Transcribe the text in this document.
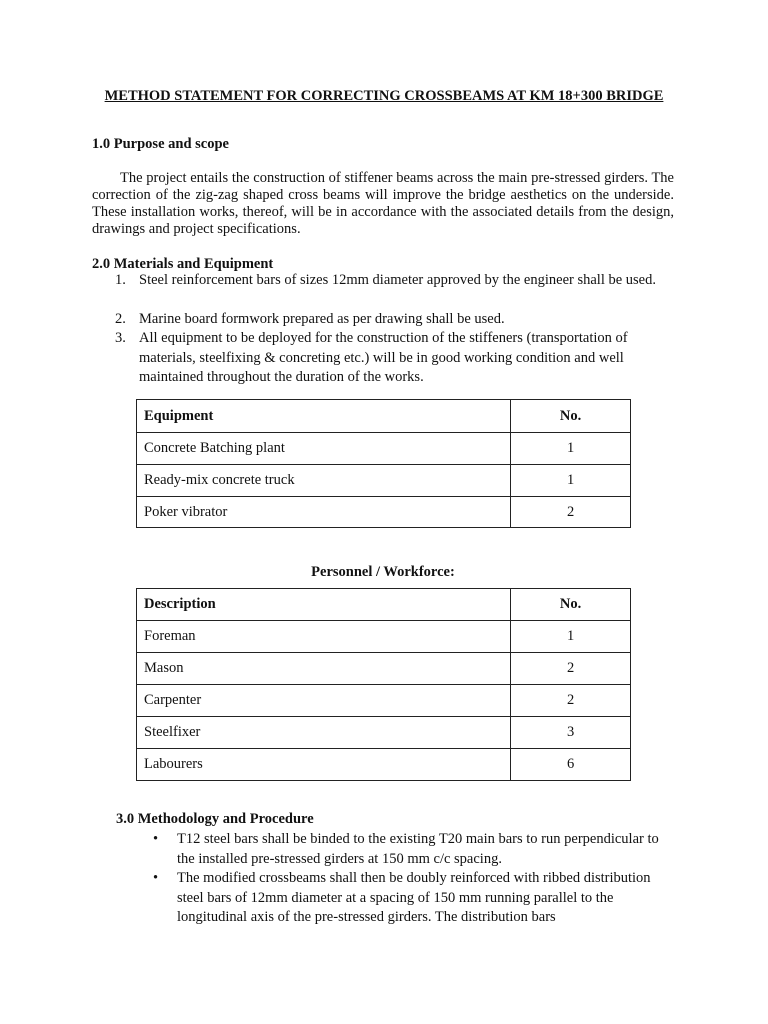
METHOD STATEMENT FOR CORRECTING CROSSBEAMS AT KM 18+300 BRIDGE
1.0 Purpose and scope
The project entails the construction of stiffener beams across the main pre-stressed girders. The correction of the zig-zag shaped cross beams will improve the bridge aesthetics on the underside. These installation works, thereof, will be in accordance with the associated details from the design, drawings and project specifications.
2.0 Materials and Equipment
1. Steel reinforcement bars of sizes 12mm diameter approved by the engineer shall be used.
2. Marine board formwork prepared as per drawing shall be used.
3. All equipment to be deployed for the construction of the stiffeners (transportation of materials, steelfixing & concreting etc.) will be in good working condition and well maintained throughout the duration of the works.
Equipment	No.
Concrete Batching plant	1
Ready-mix concrete truck	1
Poker vibrator	2
Personnel / Workforce:
Description	No.
Foreman	1
Mason	2
Carpenter	2
Steelfixer	3
Labourers	6
3.0 Methodology and Procedure
• T12 steel bars shall be binded to the existing T20 main bars to run perpendicular to the installed pre-stressed girders at 150 mm c/c spacing.
• The modified crossbeams shall then be doubly reinforced with ribbed distribution steel bars of 12mm diameter at a spacing of 150 mm running parallel to the longitudinal axis of the pre-stressed girders. The distribution bars
